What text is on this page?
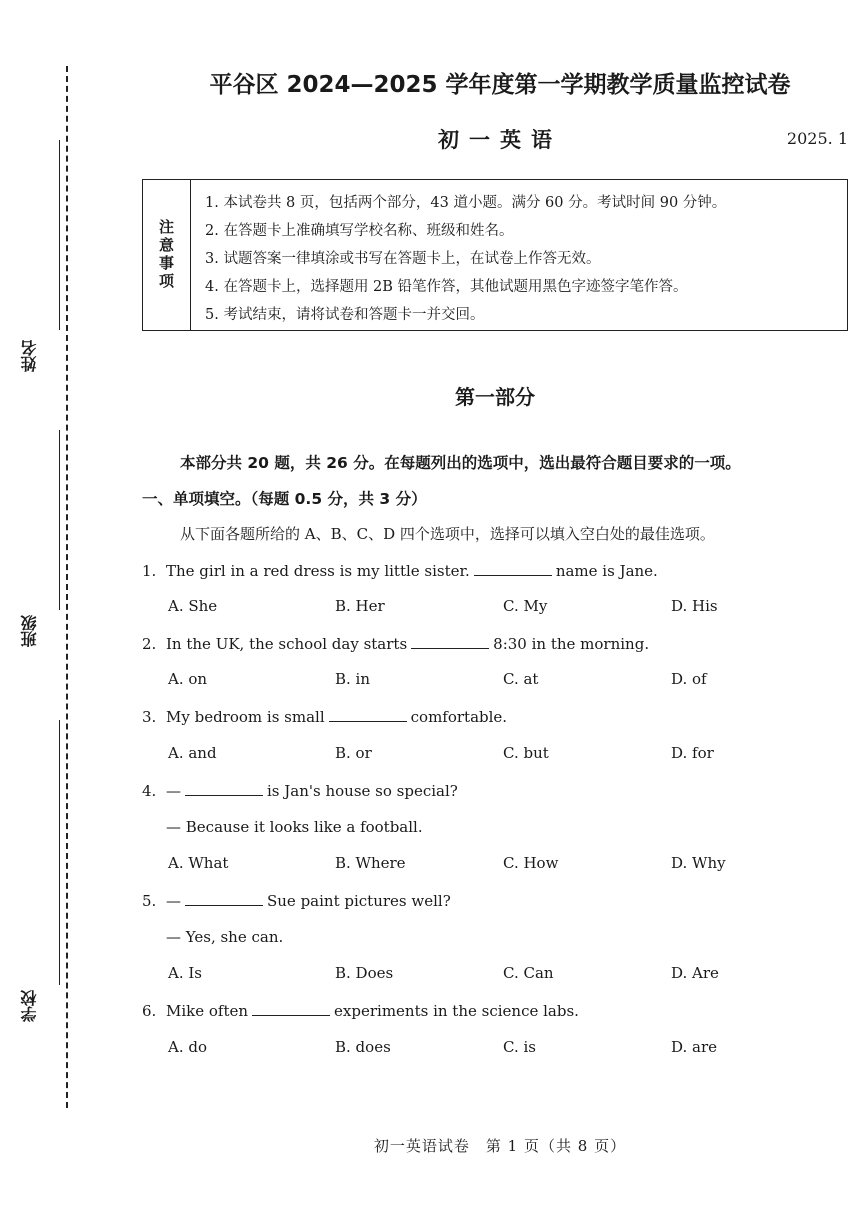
姓名
班级
学校
平谷区 2024—2025 学年度第一学期教学质量监控试卷
初一英语	2025. 1
注意事项
1. 本试卷共 8 页，包括两个部分，43 道小题。满分 60 分。考试时间 90 分钟。
2. 在答题卡上准确填写学校名称、班级和姓名。
3. 试题答案一律填涂或书写在答题卡上，在试卷上作答无效。
4. 在答题卡上，选择题用 2B 铅笔作答，其他试题用黑色字迹签字笔作答。
5. 考试结束，请将试卷和答题卡一并交回。
第一部分
本部分共 20 题，共 26 分。在每题列出的选项中，选出最符合题目要求的一项。
一、单项填空。（每题 0.5 分，共 3 分）
从下面各题所给的 A、B、C、D 四个选项中，选择可以填入空白处的最佳选项。
1. The girl in a red dress is my little sister.	name is Jane.
A. She	B. Her	C. My	D. His
2. In the UK, the school day starts	8:30 in the morning.
A. on	B. in	C. at	D. of
3. My bedroom is small	comfortable.
A. and	B. or	C. but	D. for
4. —	is Jan's house so special?
— Because it looks like a football.
A. What	B. Where	C. How	D. Why
5. —	Sue paint pictures well?
— Yes, she can.
A. Is	B. Does	C. Can	D. Are
6. Mike often	experiments in the science labs.
A. do	B. does	C. is	D. are
初一英语试卷　第 1 页（共 8 页）
